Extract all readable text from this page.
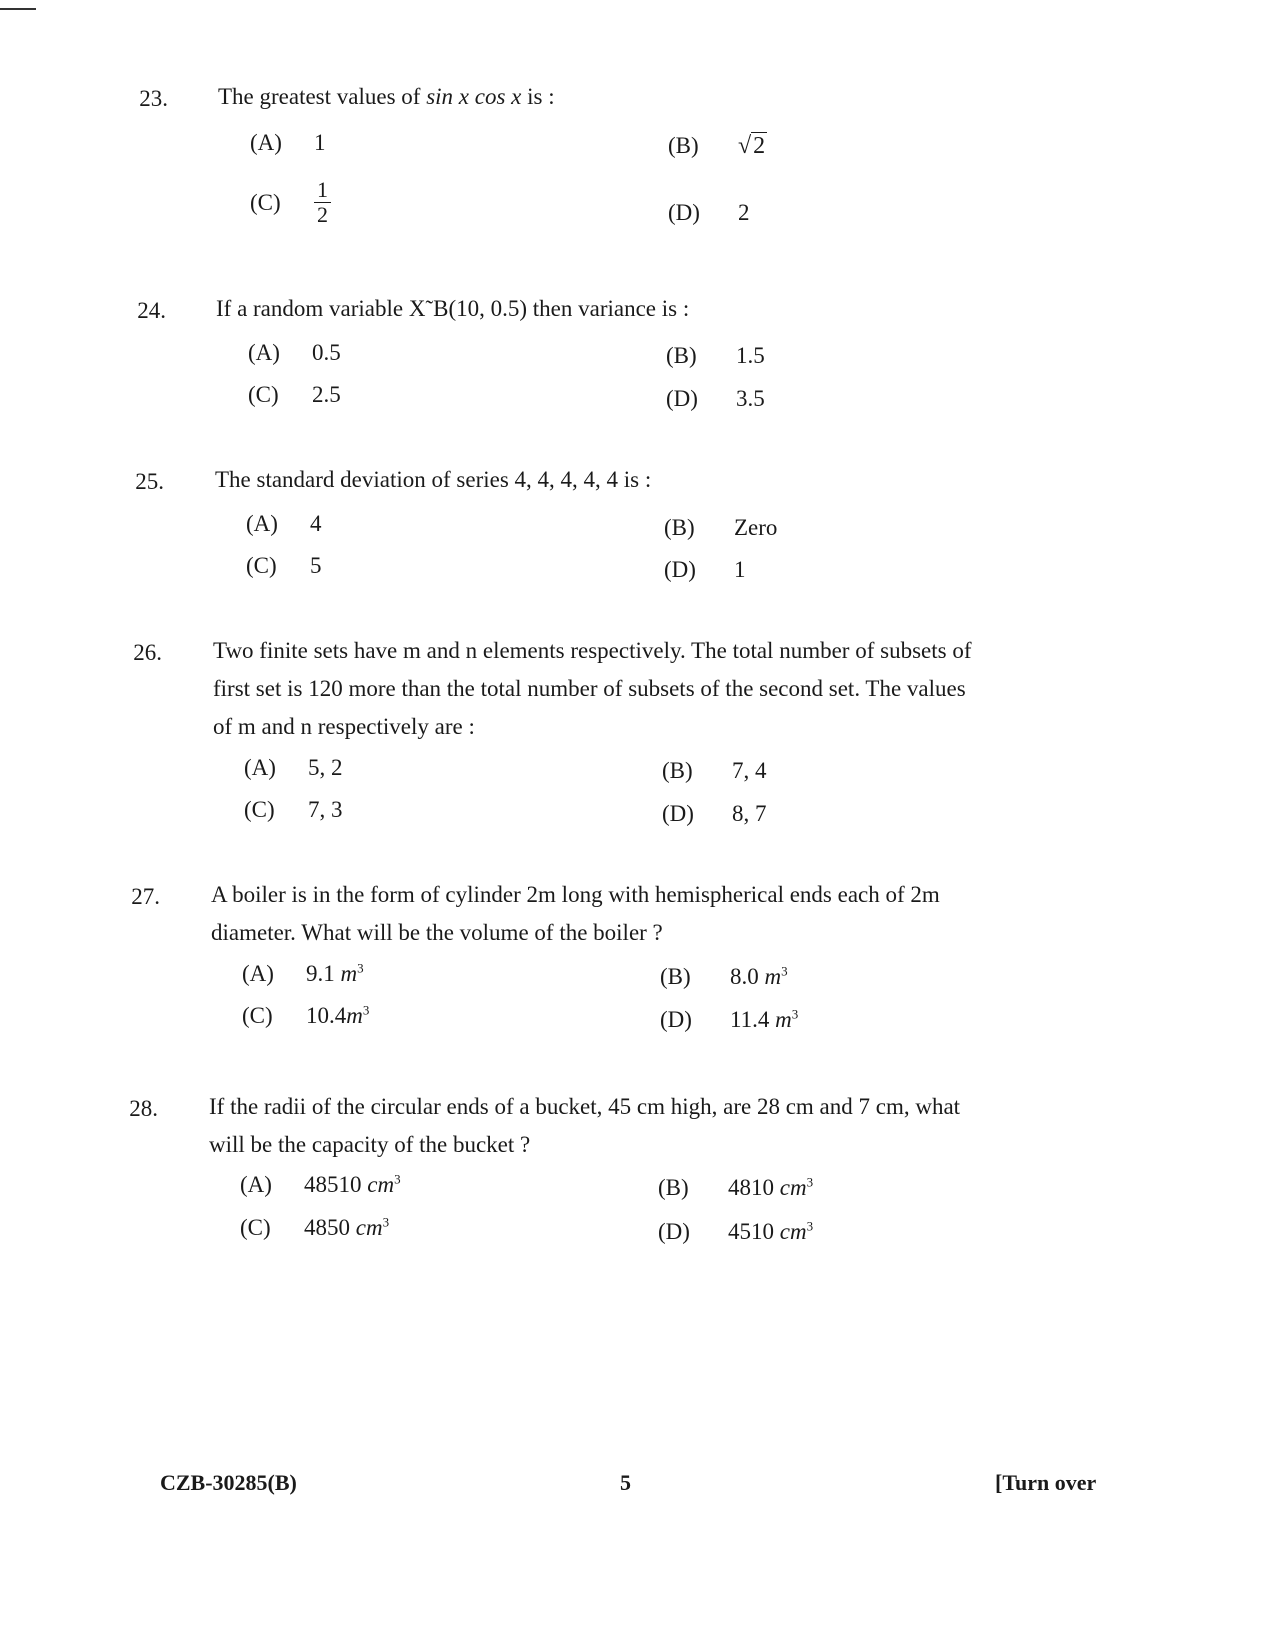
23. The greatest values of sin x cos x is :
(A) 1	(B) √2
$(C) \frac{1}{2}$	(D) 2
24. If a random variable X˜B(10, 0.5) then variance is :
(A) 0.5	(B) 1.5
(C) 2.5	(D) 3.5
25. The standard deviation of series 4, 4, 4, 4, 4 is :
(A) 4	(B) Zero
(C) 5	(D) 1
26. Two finite sets have m and n elements respectively. The total number of subsets of first set is 120 more than the total number of subsets of the second set. The values of m and n respectively are :
(A) 5, 2	(B) 7, 4
(C) 7, 3	(D) 8, 7
27. A boiler is in the form of cylinder 2m long with hemispherical ends each of 2m diameter. What will be the volume of the boiler ?
(A) 9.1 $m^3$	(B) 8.0 $m^3$
(C) $10.4m^3$	(D) 11.4 $m^3$
28. If the radii of the circular ends of a bucket, 45 cm high, are 28 cm and 7 cm, what will be the capacity of the bucket ?
(A) 48510 $cm^3$	(B) 4810 $cm^3$
(C) 4850 $cm^3$	(D) 4510 $cm^3$
CZB-30285(B)	5	[Turn over
